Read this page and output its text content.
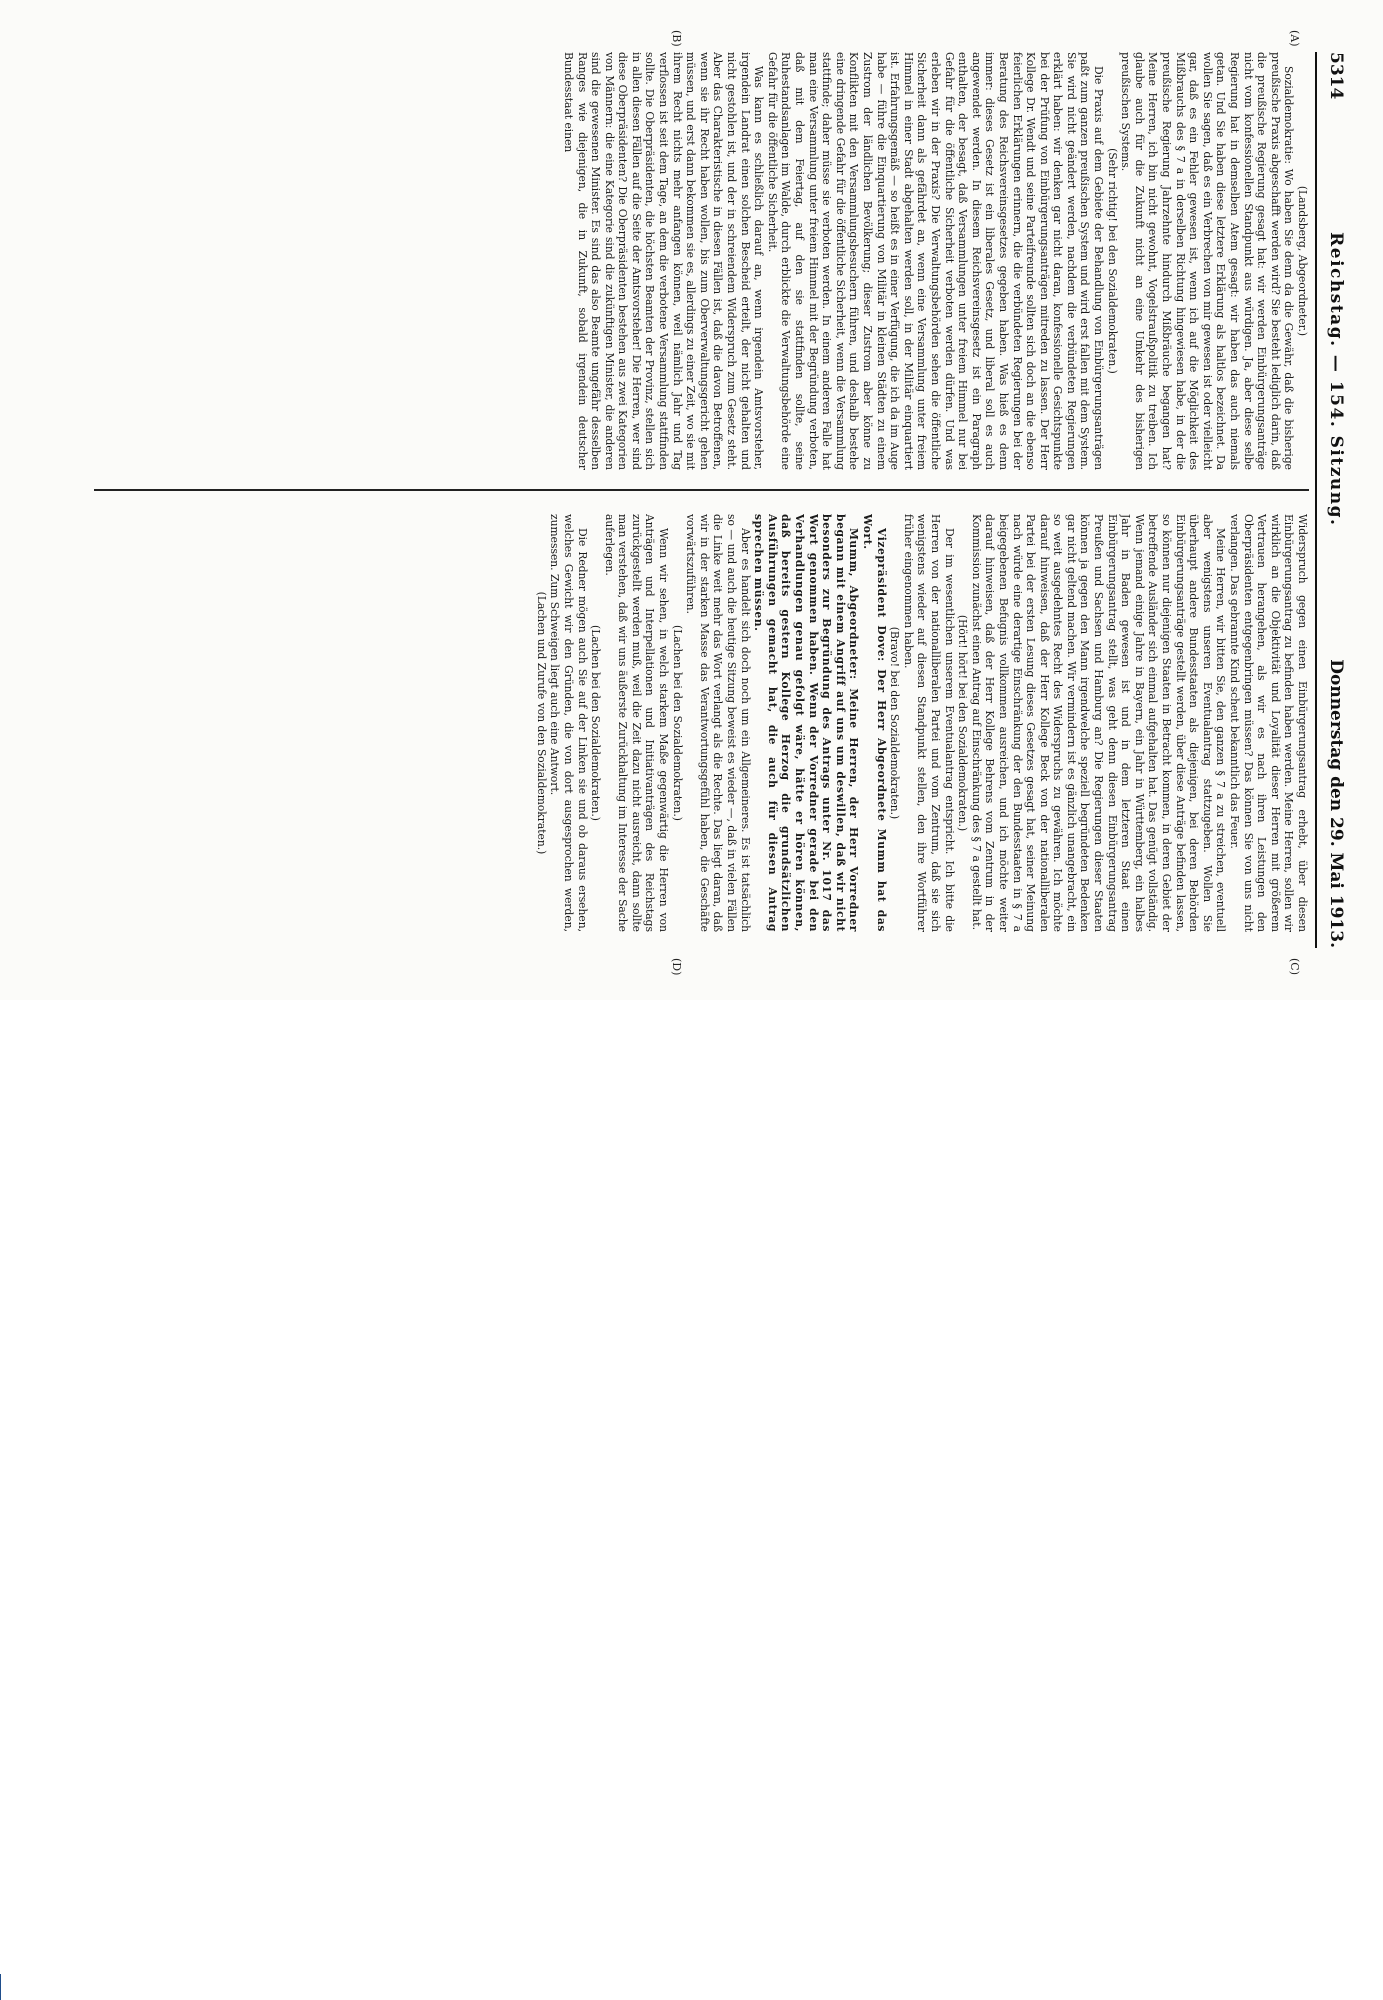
5314
Reichstag. — 154. Sitzung.
Donnerstag den 29. Mai 1913.
(A)
(B)
(C)
(D)

(Landsberg, Abgeordneter.)

Sozialdemokratie: Wo haben Sie denn da die Gewähr, daß die bisherige preußische Praxis abgeschafft werden wird? Sie besteht lediglich darin, daß die preußische Regierung gesagt hat: wir werden Einbürgerungsanträge nicht vom konfessionellen Standpunkt aus würdigen. Ja, aber diese selbe Regierung hat in demselben Atem gesagt: wir haben das auch niemals getan. Und Sie haben diese letztere Erklärung als haltlos bezeichnet. Da wollen Sie sagen, daß es ein Verbrechen von mir gewesen ist oder vielleicht gar, daß es ein Fehler gewesen ist, wenn ich auf die Möglichkeit des Mißbrauchs des § 7 a in derselben Richtung hingewiesen habe, in der die preußische Regierung Jahrzehnte hindurch Mißbräuche begangen hat? Meine Herren, ich bin nicht gewohnt, Vogelstraußpolitik zu treiben. Ich glaube auch für die Zukunft nicht an eine Umkehr des bisherigen preußischen Systems.

(Sehr richtig! bei den Sozialdemokraten.)

Die Praxis auf dem Gebiete der Behandlung von Einbürgerungsanträgen paßt zum ganzen preußischen System und wird erst fallen mit dem System. Sie wird nicht geändert werden, nachdem die verbündeten Regierungen erklärt haben: wir denken gar nicht daran, konfessionelle Gesichtspunkte bei der Prüfung von Einbürgerungsanträgen mitreden zu lassen. Der Herr Kollege Dr. Wendt und seine Parteifreunde sollten sich doch an die ebenso feierlichen Erklärungen erinnern, die die verbündeten Regierungen bei der Beratung des Reichsvereinsgesetzes gegeben haben. Was hieß es denn immer: dieses Gesetz ist ein liberales Gesetz, und liberal soll es auch angewendet werden. In diesem Reichsvereinsgesetz ist ein Paragraph enthalten, der besagt, daß Versammlungen unter freiem Himmel nur bei Gefahr für die öffentliche Sicherheit verboten werden dürfen. Und was erleben wir in der Praxis? Die Verwaltungsbehörden sehen die öffentliche Sicherheit dann als gefährdet an, wenn eine Versammlung unter freiem Himmel in einer Stadt abgehalten werden soll, in der Militär einquartiert ist. Erfahrungsgemäß — so heißt es in einer Verfügung, die ich da im Auge habe — führe die Einquartierung von Militär in kleinen Städten zu einem Zustrom der ländlichen Bevölkerung; dieser Zustrom aber könne zu Konflikten mit den Versammlungsbesuchern führen, und deshalb bestehe eine dringende Gefahr für die öffentliche Sicherheit, wenn die Versammlung stattfinde; daher müsse sie verboten werden. In einem anderen Falle hat man eine Versammlung unter freiem Himmel mit der Begründung verboten, daß mit dem Feiertag, auf den sie stattfinden sollte, seine Ruhestandsanlagen im Walde, durch erblickte die Verwaltungsbehörde eine Gefahr für die öffentliche Sicherheit.

Was kann es schließlich darauf an, wenn irgendein Amtsvorsteher, irgendein Landrat einen solchen Bescheid erteilt, der nicht gehalten und nicht gestohlen ist, und der in schreiendem Widerspruch zum Gesetz steht. Aber das Charakteristische in diesen Fällen ist, daß die davon Betroffenen, wenn sie ihr Recht haben wollen, bis zum Oberverwaltungsgericht gehen müssen, und erst dann bekommen sie es, allerdings zu einer Zeit, wo sie mit ihrem Recht nichts mehr anfangen können, weil nämlich Jahr und Tag verflossen ist seit dem Tage, an dem die verbotene Versammlung stattfinden sollte. Die Oberpräsidenten, die höchsten Beamten der Provinz, stellen sich in allen diesen Fällen auf die Seite der Amtsvorsteher! Die Herren, wer sind diese Oberpräsidenten? Die Oberpräsidenten bestehen aus zwei Kategorien von Männern: die eine Kategorie sind die zukünftigen Minister, die anderen sind die gewesenen Minister. Es sind das also Beamte ungefähr desselben Ranges wie diejenigen, die in Zukunft, sobald irgendein deutscher Bundesstaat einen

Widerspruch gegen einen Einbürgerungsantrag erhebt, über diesen Einbürgerungsantrag zu befinden haben werden. Meine Herren, sollen wir wirklich an die Objektivität und Loyalität dieser Herren mit größerem Vertrauen herangehen, als wir es nach ihren Leistungen den Oberpräsidenten entgegenbringen müssen? Das können Sie von uns nicht verlangen. Das gebrannte Kind scheut bekanntlich das Feuer.

Meine Herren, wir bitten Sie, den ganzen § 7 a zu streichen, eventuell aber wenigstens unseren Eventualantrag stattzugeben. Wollen Sie überhaupt andere Bundesstaaten als diejenigen, bei deren Behörden Einbürgerungsanträge gestellt werden, über diese Anträge befinden lassen, so können nur diejenigen Staaten in Betracht kommen, in deren Gebiet der betreffende Ausländer sich einmal aufgehalten hat. Das genügt vollständig. Wenn jemand einige Jahre in Bayern, ein Jahr in Württemberg, ein halbes Jahr in Baden gewesen ist und in dem letzteren Staat einen Einbürgerungsantrag stellt, was geht denn diesen Einbürgerungsantrag Preußen und Sachsen und Hamburg an? Die Regierungen dieser Staaten können ja gegen den Mann irgendwelche speziell begründeten Bedenken gar nicht geltend machen. Wir vermindern ist es gänzlich unangebracht, ein so weit ausgedehntes Recht des Widerspruchs zu gewähren. Ich möchte darauf hinweisen, daß der Herr Kollege Beck von der nationalliberalen Partei bei der ersten Lesung dieses Gesetzes gesagt hat, seiner Meinung nach würde eine derartige Einschränkung der den Bundesstaaten in § 7 a beigegebenen Befugnis vollkommen ausreichen, und ich möchte weiter darauf hinweisen, daß der Herr Kollege Behrens vom Zentrum in der Kommission zunächst einen Antrag auf Einschränkung des § 7 a gestellt hat.

(Hört! hört! bei den Sozialdemokraten.)

Der im wesentlichen unserem Eventualantrag entspricht. Ich bitte die Herren von der nationalliberalen Partei und vom Zentrum, daß sie sich wenigstens wieder auf diesen Standpunkt stellen, den ihre Wortführer früher eingenommen haben.

(Bravo! bei den Sozialdemokraten.)

Vizepräsident Dove: Der Herr Abgeordnete Mumm hat das Wort.

Mumm, Abgeordneter: Meine Herren, der Herr Vorredner begann mit einem Angriff auf uns um deswillen, daß wir nicht besonders zur Begründung des Antrags unter Nr. 1017 das Wort genommen haben. Wenn der Vorredner gerade bei den Verhandlungen genau gefolgt wäre, hätte er hören können, daß bereits gestern Kollege Herzog die grundsätzlichen Ausführungen gemacht hat, die auch für diesen Antrag sprechen müssen.

Aber es handelt sich doch noch um ein Allgemeineres. Es ist tatsächlich so — und auch die heutige Sitzung beweist es wieder —, daß in vielen Fällen die Linke weit mehr das Wort verlangt als die Rechte. Das liegt daran, daß wir in der starken Masse das Verantwortungsgefühl haben, die Geschäfte vorwärtszuführen.

(Lachen bei den Sozialdemokraten.)

Wenn wir sehen, in welch starkem Maße gegenwärtig die Herren von Anträgen und Interpellationen und Initiativanträgen des Reichstags zurückgestellt werden muß, weil die Zeit dazu nicht ausreicht, dann sollte man verstehen, daß wir uns äußerste Zurückhaltung im Interesse der Sache auferlegen.

(Lachen bei den Sozialdemokraten.)

Die Redner mögen auch Sie auf der Linken sie und ob daraus ersehen, welches Gewicht wir den Gründen, die von dort ausgesprochen werden, zumessen. Zum Schweigen liegt auch eine Antwort.

(Lachen und Zurufe von den Sozialdemokraten.)
